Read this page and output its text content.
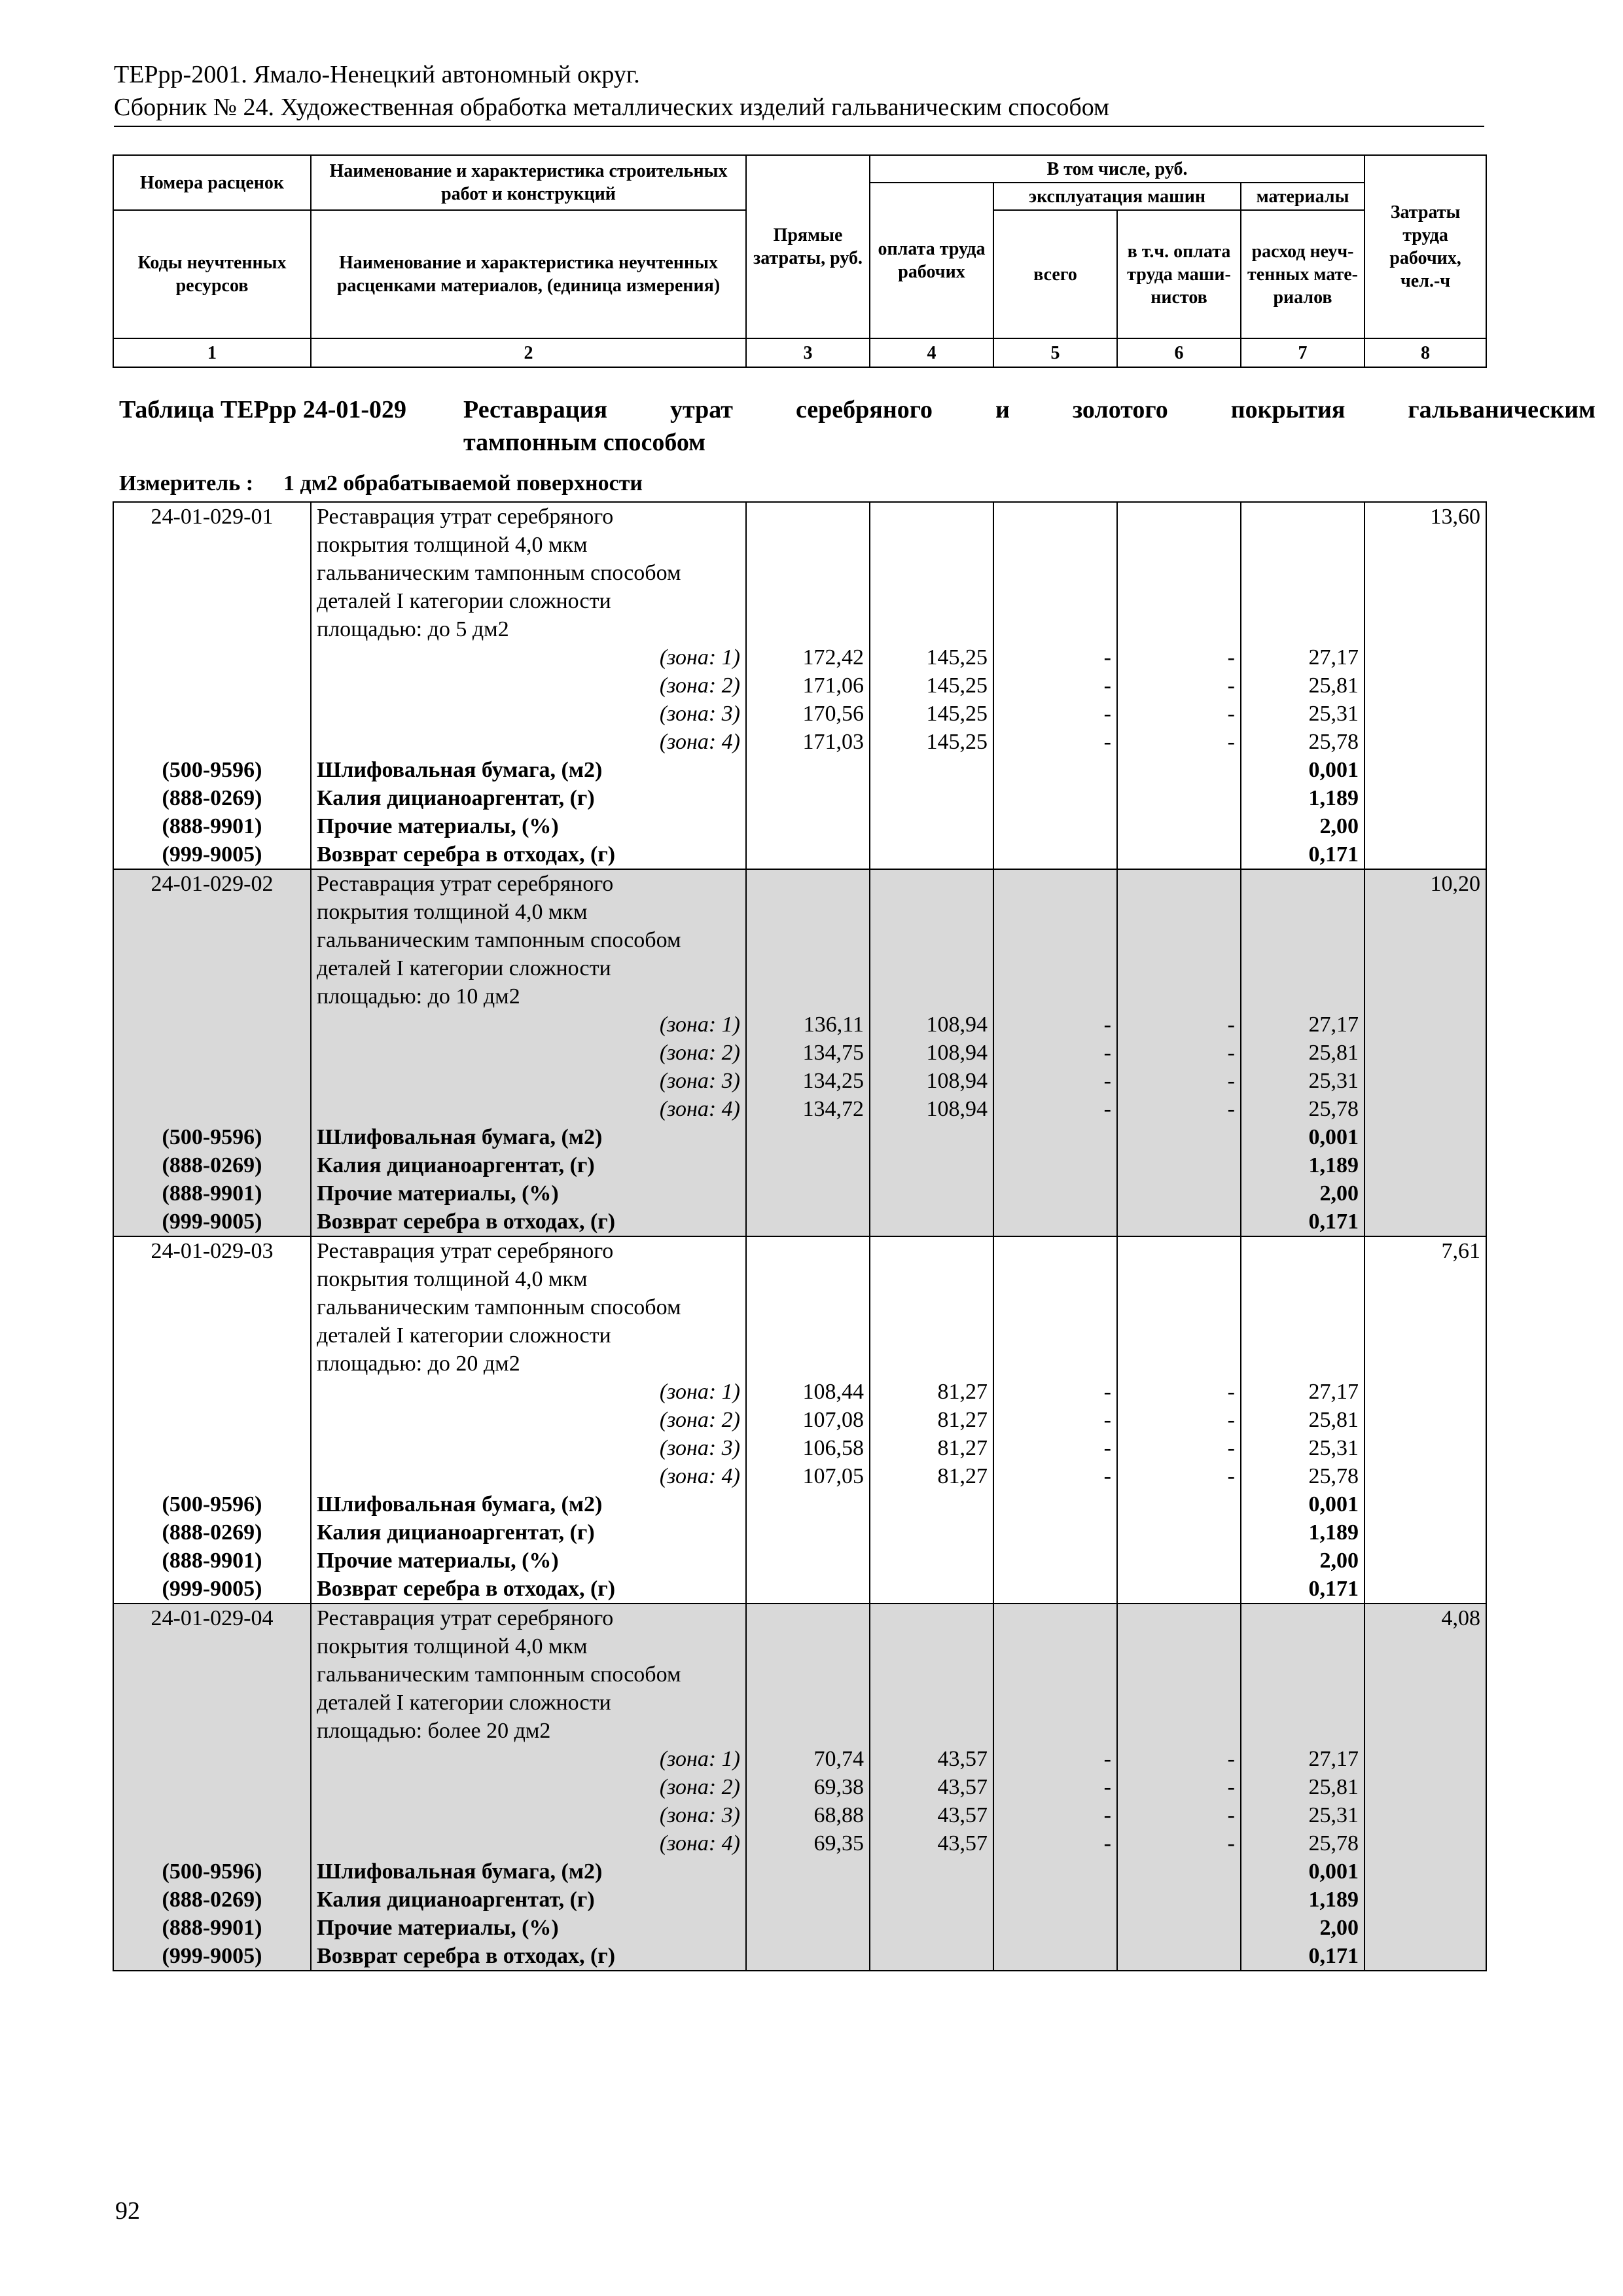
ТЕРрр-2001. Ямало-Ненецкий автономный округ.
Сборник № 24. Художественная обработка металлических изделий гальваническим способом
Номера расценок	Наименование и характеристика строительных работ и конструкций	Прямые затраты, руб.	В том числе, руб.				Затраты труда рабочих, чел.-ч
			оплата труда рабочих	эксплуатация машин		материалы	
Коды неучтенных ресурсов	Наименование и характеристика неучтенных расценками материалов, (единица измерения)			всего	в т.ч. оплата труда маши-нистов	расход неуч-тенных мате-риалов	
1	2	3	4	5	6	7	8
Таблица ТЕРрр 24-01-029 Реставрация утрат серебряного и золотого покрытия гальваническим
тампонным способом
Измеритель : 1 дм2 обрабатываемой поверхности
24-01-029-01	Реставрация утрат серебряного						13,60
	покрытия толщиной 4,0 мкм						
	гальваническим тампонным способом						
	деталей I категории сложности						
	площадью: до 5 дм2						
	(зона: 1)	172,42	145,25	-	-	27,17	
	(зона: 2)	171,06	145,25	-	-	25,81	
	(зона: 3)	170,56	145,25	-	-	25,31	
	(зона: 4)	171,03	145,25	-	-	25,78	
(500-9596)	Шлифовальная бумага, (м2)					0,001	
(888-0269)	Калия дицианоаргентат, (г)					1,189	
(888-9901)	Прочие материалы, (%)					2,00	
(999-9005)	Возврат серебра в отходах, (г)					0,171	
24-01-029-02	Реставрация утрат серебряного						10,20
	покрытия толщиной 4,0 мкм						
	гальваническим тампонным способом						
	деталей I категории сложности						
	площадью: до 10 дм2						
	(зона: 1)	136,11	108,94	-	-	27,17	
	(зона: 2)	134,75	108,94	-	-	25,81	
	(зона: 3)	134,25	108,94	-	-	25,31	
	(зона: 4)	134,72	108,94	-	-	25,78	
(500-9596)	Шлифовальная бумага, (м2)					0,001	
(888-0269)	Калия дицианоаргентат, (г)					1,189	
(888-9901)	Прочие материалы, (%)					2,00	
(999-9005)	Возврат серебра в отходах, (г)					0,171	
24-01-029-03	Реставрация утрат серебряного						7,61
	покрытия толщиной 4,0 мкм						
	гальваническим тампонным способом						
	деталей I категории сложности						
	площадью: до 20 дм2						
	(зона: 1)	108,44	81,27	-	-	27,17	
	(зона: 2)	107,08	81,27	-	-	25,81	
	(зона: 3)	106,58	81,27	-	-	25,31	
	(зона: 4)	107,05	81,27	-	-	25,78	
(500-9596)	Шлифовальная бумага, (м2)					0,001	
(888-0269)	Калия дицианоаргентат, (г)					1,189	
(888-9901)	Прочие материалы, (%)					2,00	
(999-9005)	Возврат серебра в отходах, (г)					0,171	
24-01-029-04	Реставрация утрат серебряного						4,08
	покрытия толщиной 4,0 мкм						
	гальваническим тампонным способом						
	деталей I категории сложности						
	площадью: более 20 дм2						
	(зона: 1)	70,74	43,57	-	-	27,17	
	(зона: 2)	69,38	43,57	-	-	25,81	
	(зона: 3)	68,88	43,57	-	-	25,31	
	(зона: 4)	69,35	43,57	-	-	25,78	
(500-9596)	Шлифовальная бумага, (м2)					0,001	
(888-0269)	Калия дицианоаргентат, (г)					1,189	
(888-9901)	Прочие материалы, (%)					2,00	
(999-9005)	Возврат серебра в отходах, (г)					0,171	
92
